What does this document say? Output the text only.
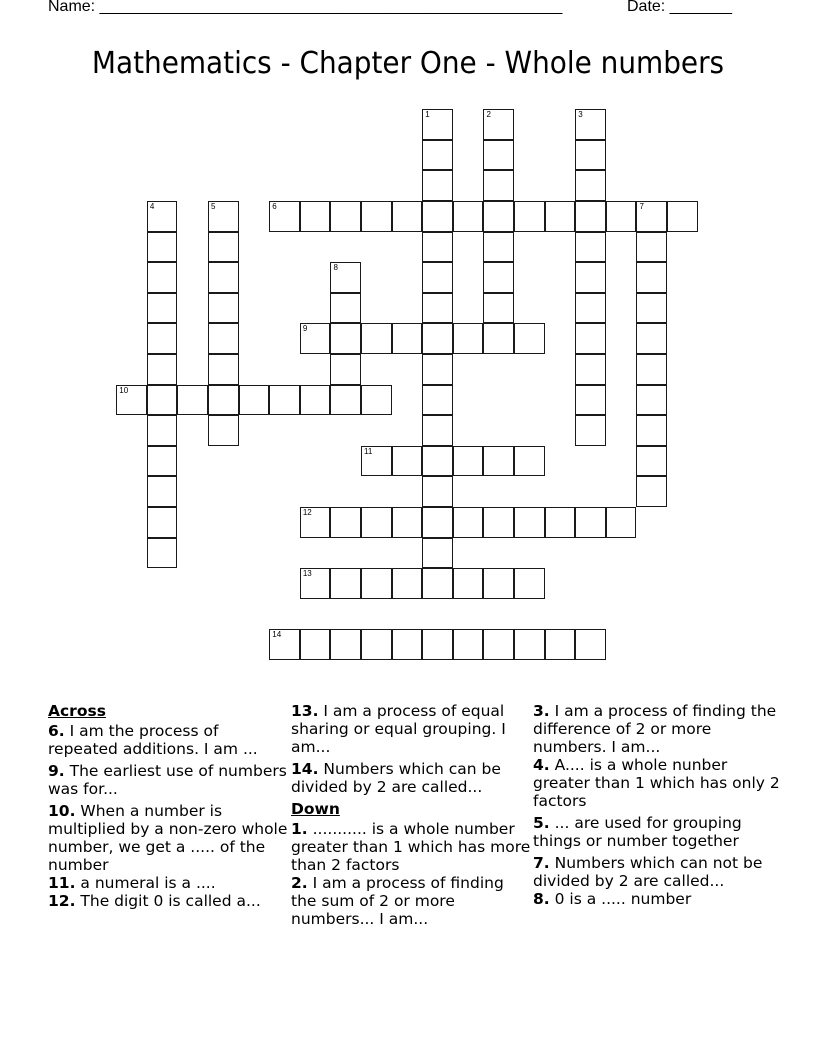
Name: ____________________________________________________	Date: _______
Mathematics - Chapter One - Whole numbers
1	2	3
4	5	6	7
8
9
10
11
12
13
14
Across
6. I am the process of repeated additions. I am ...
9. The earliest use of numbers was for...
10. When a number is multiplied by a non-zero whole number, we get a ..... of the number
11. a numeral is a ....
12. The digit 0 is called a...
13. I am a process of equal sharing or equal grouping. I am...
14. Numbers which can be divided by 2 are called...
Down
1. ........... is a whole number greater than 1 which has more than 2 factors
2. I am a process of finding the sum of 2 or more numbers... I am...
3. I am a process of finding the difference of 2 or more numbers. I am...
4. A.... is a whole nunber greater than 1 which has only 2 factors
5. ... are used for grouping things or number together
7. Numbers which can not be divided by 2 are called...
8. 0 is a ..... number
